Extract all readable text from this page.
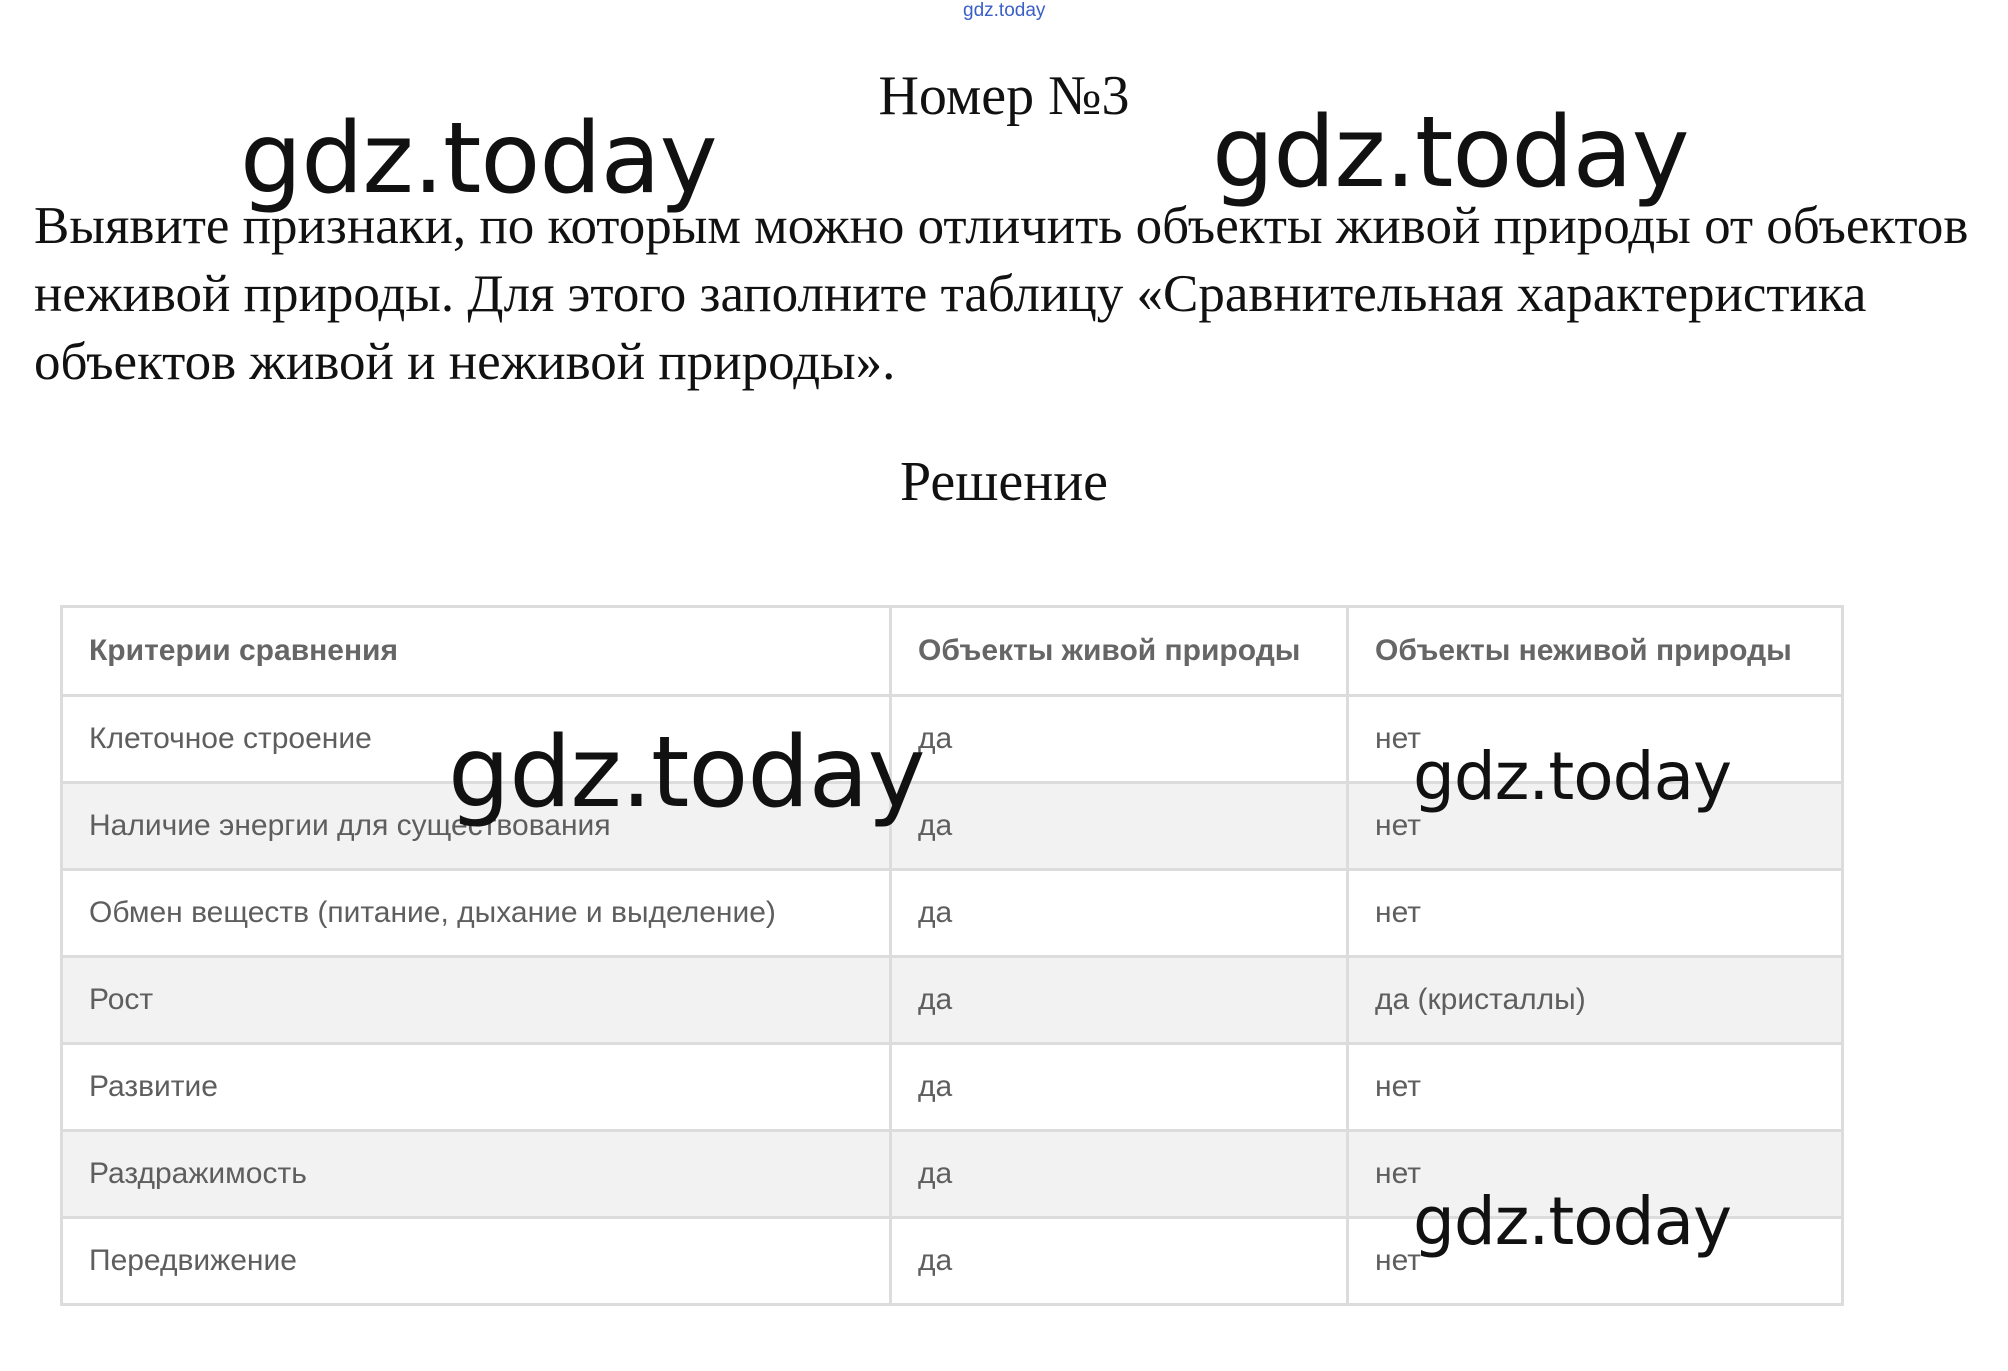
gdz.today
Номер №3

Выявите признаки, по которым можно отличить объекты живой природы от объектов неживой природы. Для этого заполните таблицу «Сравнительная характеристика объектов живой и неживой природы».

Решение
Критерии сравнения	Объекты живой природы	Объекты неживой природы
Клеточное строение	да	нет
Наличие энергии для существования	да	нет
Обмен веществ (питание, дыхание и выделение)	да	нет
Рост	да	да (кристаллы)
Развитие	да	нет
Раздражимость	да	нет
Передвижение	да	нет
gdz.today	gdz.today
gdz.today	gdz.today
gdz.today
